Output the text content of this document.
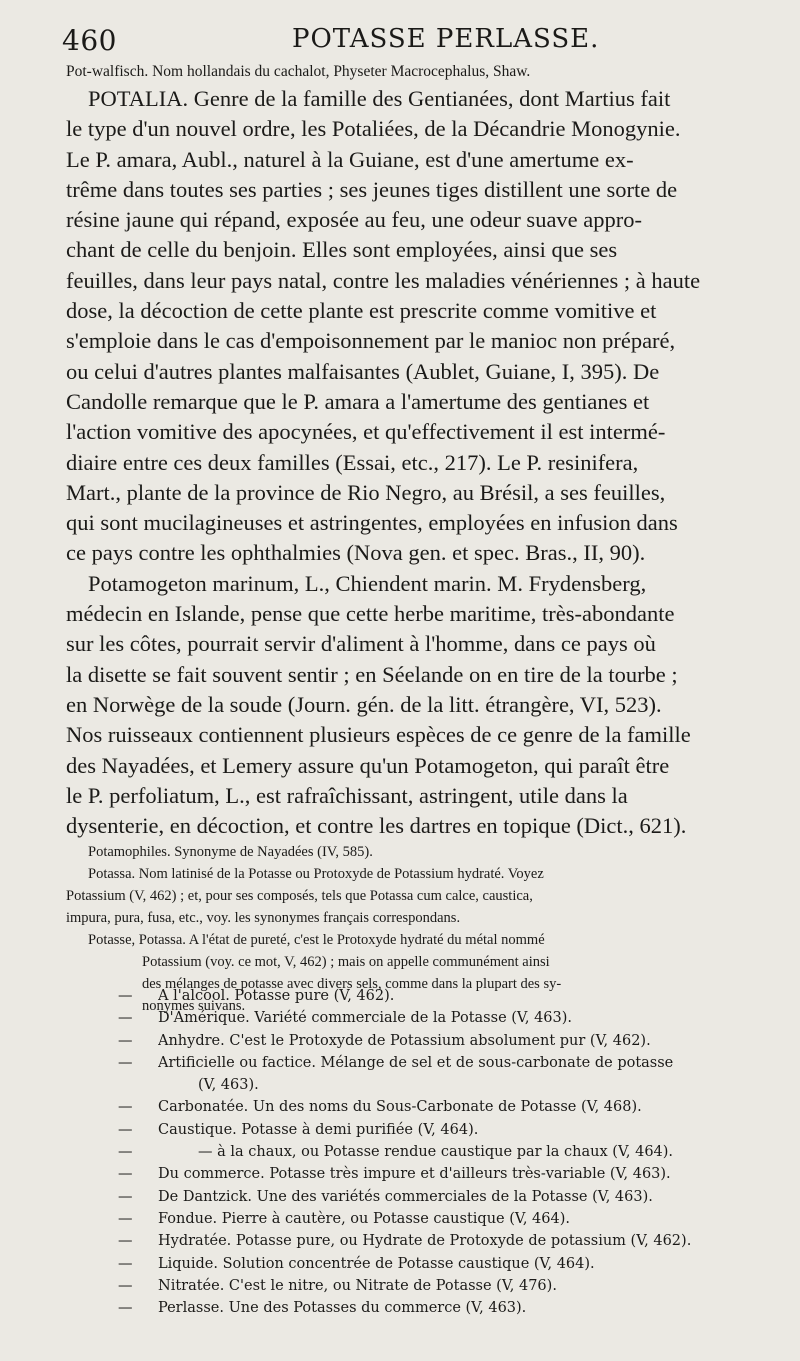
460	POTASSE PERLASSE.
Pot-walfisch. Nom hollandais du cachalot, Physeter Macrocephalus, Shaw.
POTALIA. Genre de la famille des Gentianées, dont Martius fait
le type d'un nouvel ordre, les Potaliées, de la Décandrie Monogynie.
Le P. amara, Aubl., naturel à la Guiane, est d'une amertume ex-
trême dans toutes ses parties ; ses jeunes tiges distillent une sorte de
résine jaune qui répand, exposée au feu, une odeur suave appro-
chant de celle du benjoin. Elles sont employées, ainsi que ses
feuilles, dans leur pays natal, contre les maladies vénériennes ; à haute
dose, la décoction de cette plante est prescrite comme vomitive et
s'emploie dans le cas d'empoisonnement par le manioc non préparé,
ou celui d'autres plantes malfaisantes (Aublet, Guiane, I, 395). De
Candolle remarque que le P. amara a l'amertume des gentianes et
l'action vomitive des apocynées, et qu'effectivement il est intermé-
diaire entre ces deux familles (Essai, etc., 217). Le P. resinifera,
Mart., plante de la province de Rio Negro, au Brésil, a ses feuilles,
qui sont mucilagineuses et astringentes, employées en infusion dans
ce pays contre les ophthalmies (Nova gen. et spec. Bras., II, 90).
Potamogeton marinum, L., Chiendent marin. M. Frydensberg,
médecin en Islande, pense que cette herbe maritime, très-abondante
sur les côtes, pourrait servir d'aliment à l'homme, dans ce pays où
la disette se fait souvent sentir ; en Séelande on en tire de la tourbe ;
en Norwège de la soude (Journ. gén. de la litt. étrangère, VI, 523).
Nos ruisseaux contiennent plusieurs espèces de ce genre de la famille
des Nayadées, et Lemery assure qu'un Potamogeton, qui paraît être
le P. perfoliatum, L., est rafraîchissant, astringent, utile dans la
dysenterie, en décoction, et contre les dartres en topique (Dict., 621).
Potamophiles. Synonyme de Nayadées (IV, 585).
Potassa. Nom latinisé de la Potasse ou Protoxyde de Potassium hydraté. Voyez
Potassium (V, 462) ; et, pour ses composés, tels que Potassa cum calce, caustica,
impura, pura, fusa, etc., voy. les synonymes français correspondans.
Potasse, Potassa. A l'état de pureté, c'est le Protoxyde hydraté du métal nommé
Potassium (voy. ce mot, V, 462) ; mais on appelle communément ainsi
des mélanges de potasse avec divers sels, comme dans la plupart des sy-
nonymes suivans.
—	A l'alcool. Potasse pure (V, 462).
—	D'Amérique. Variété commerciale de la Potasse (V, 463).
—	Anhydre. C'est le Protoxyde de Potassium absolument pur (V, 462).
—	Artificielle ou factice. Mélange de sel et de sous-carbonate de potasse
(V, 463).
—	Carbonatée. Un des noms du Sous-Carbonate de Potasse (V, 468).
—	Caustique. Potasse à demi purifiée (V, 464).
—	— à la chaux, ou Potasse rendue caustique par la chaux (V, 464).
—	Du commerce. Potasse très impure et d'ailleurs très-variable (V, 463).
—	De Dantzick. Une des variétés commerciales de la Potasse (V, 463).
—	Fondue. Pierre à cautère, ou Potasse caustique (V, 464).
—	Hydratée. Potasse pure, ou Hydrate de Protoxyde de potassium (V, 462).
—	Liquide. Solution concentrée de Potasse caustique (V, 464).
—	Nitratée. C'est le nitre, ou Nitrate de Potasse (V, 476).
—	Perlasse. Une des Potasses du commerce (V, 463).
